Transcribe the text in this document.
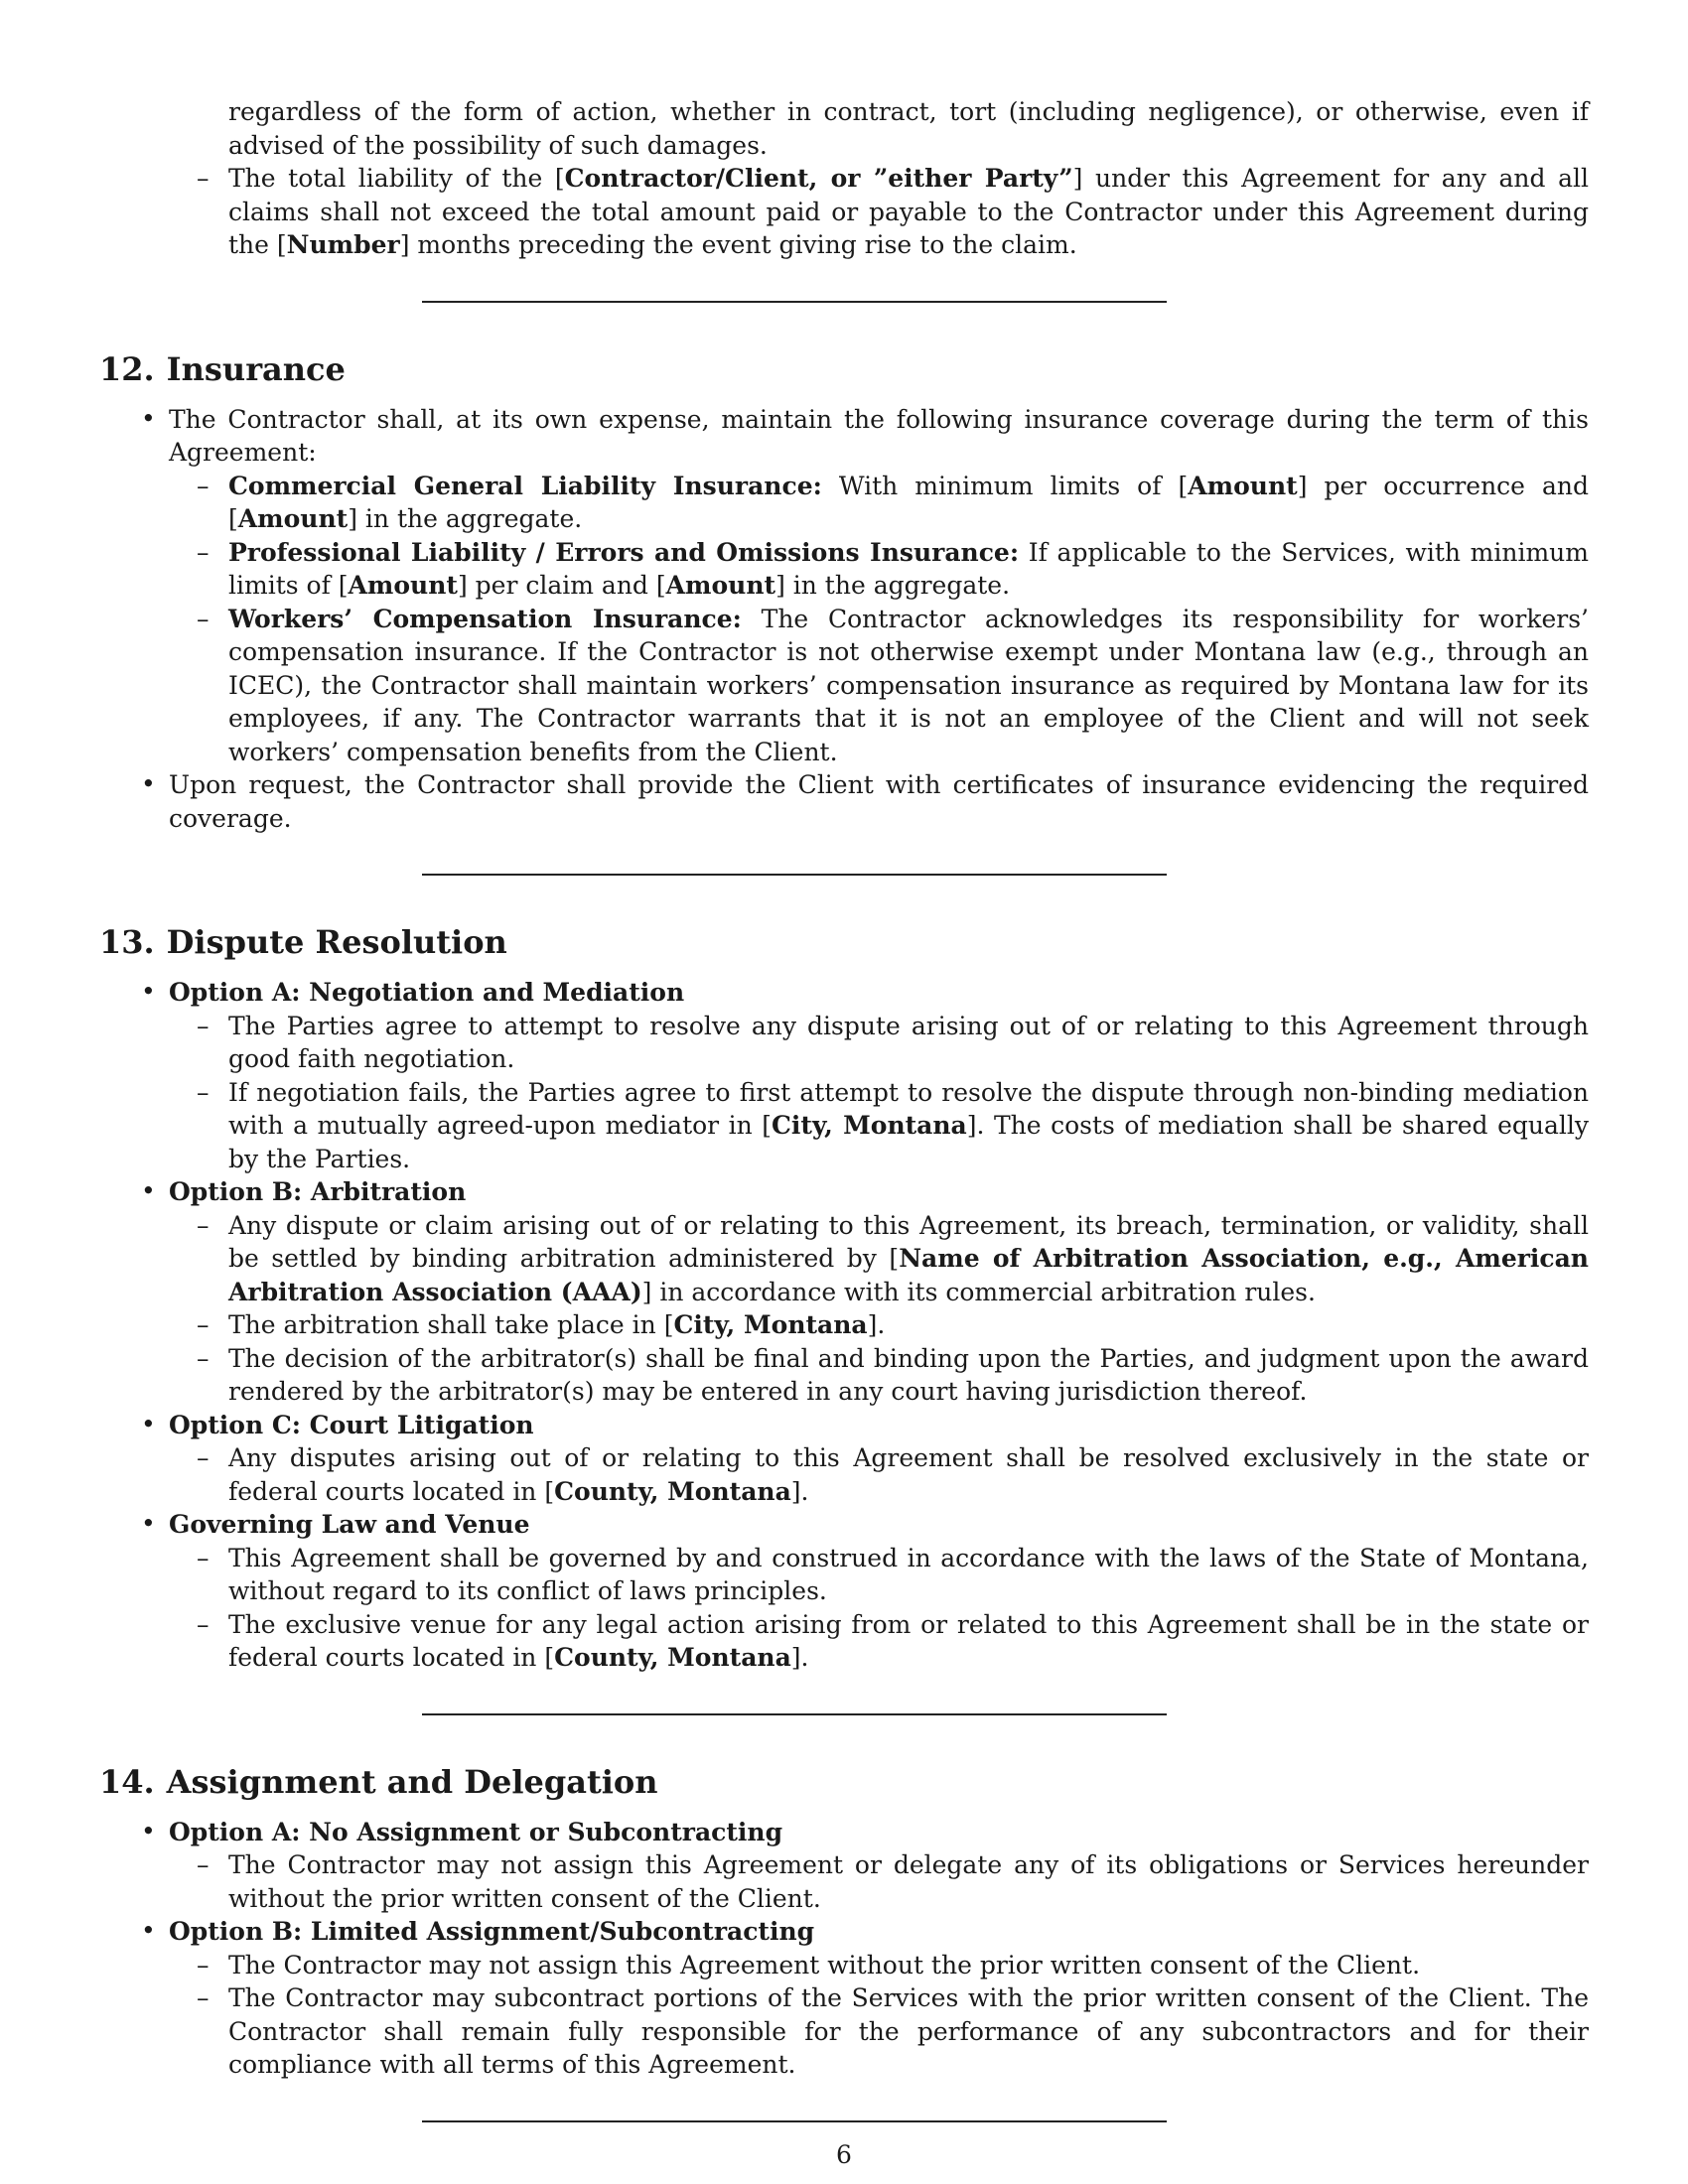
regardless of the form of action, whether in contract, tort (including negligence), or otherwise, even if advised of the possibility of such damages.
– The total liability of the [Contractor/Client, or ”either Party”] under this Agreement for any and all claims shall not exceed the total amount paid or payable to the Contractor under this Agreement during the [Number] months preceding the event giving rise to the claim.
12. Insurance
• The Contractor shall, at its own expense, maintain the following insurance coverage during the term of this Agreement:
– Commercial General Liability Insurance: With minimum limits of [Amount] per occurrence and [Amount] in the aggregate.
– Professional Liability / Errors and Omissions Insurance: If applicable to the Services, with minimum limits of [Amount] per claim and [Amount] in the aggregate.
– Workers’ Compensation Insurance: The Contractor acknowledges its responsibility for workers’ compensation insurance. If the Contractor is not otherwise exempt under Montana law (e.g., through an ICEC), the Contractor shall maintain workers’ compensation insurance as required by Montana law for its employees, if any. The Contractor warrants that it is not an employee of the Client and will not seek workers’ compensation benefits from the Client.
• Upon request, the Contractor shall provide the Client with certificates of insurance evidencing the required coverage.
13. Dispute Resolution
• Option A: Negotiation and Mediation
– The Parties agree to attempt to resolve any dispute arising out of or relating to this Agreement through good faith negotiation.
– If negotiation fails, the Parties agree to first attempt to resolve the dispute through non-binding mediation with a mutually agreed-upon mediator in [City, Montana]. The costs of mediation shall be shared equally by the Parties.
• Option B: Arbitration
– Any dispute or claim arising out of or relating to this Agreement, its breach, termination, or validity, shall be settled by binding arbitration administered by [Name of Arbitration Association, e.g., American Arbitration Association (AAA)] in accordance with its commercial arbitration rules.
– The arbitration shall take place in [City, Montana].
– The decision of the arbitrator(s) shall be final and binding upon the Parties, and judgment upon the award rendered by the arbitrator(s) may be entered in any court having jurisdiction thereof.
• Option C: Court Litigation
– Any disputes arising out of or relating to this Agreement shall be resolved exclusively in the state or federal courts located in [County, Montana].
• Governing Law and Venue
– This Agreement shall be governed by and construed in accordance with the laws of the State of Montana, without regard to its conflict of laws principles.
– The exclusive venue for any legal action arising from or related to this Agreement shall be in the state or federal courts located in [County, Montana].
14. Assignment and Delegation
• Option A: No Assignment or Subcontracting
– The Contractor may not assign this Agreement or delegate any of its obligations or Services hereunder without the prior written consent of the Client.
• Option B: Limited Assignment/Subcontracting
– The Contractor may not assign this Agreement without the prior written consent of the Client.
– The Contractor may subcontract portions of the Services with the prior written consent of the Client. The Contractor shall remain fully responsible for the performance of any subcontractors and for their compliance with all terms of this Agreement.
6
